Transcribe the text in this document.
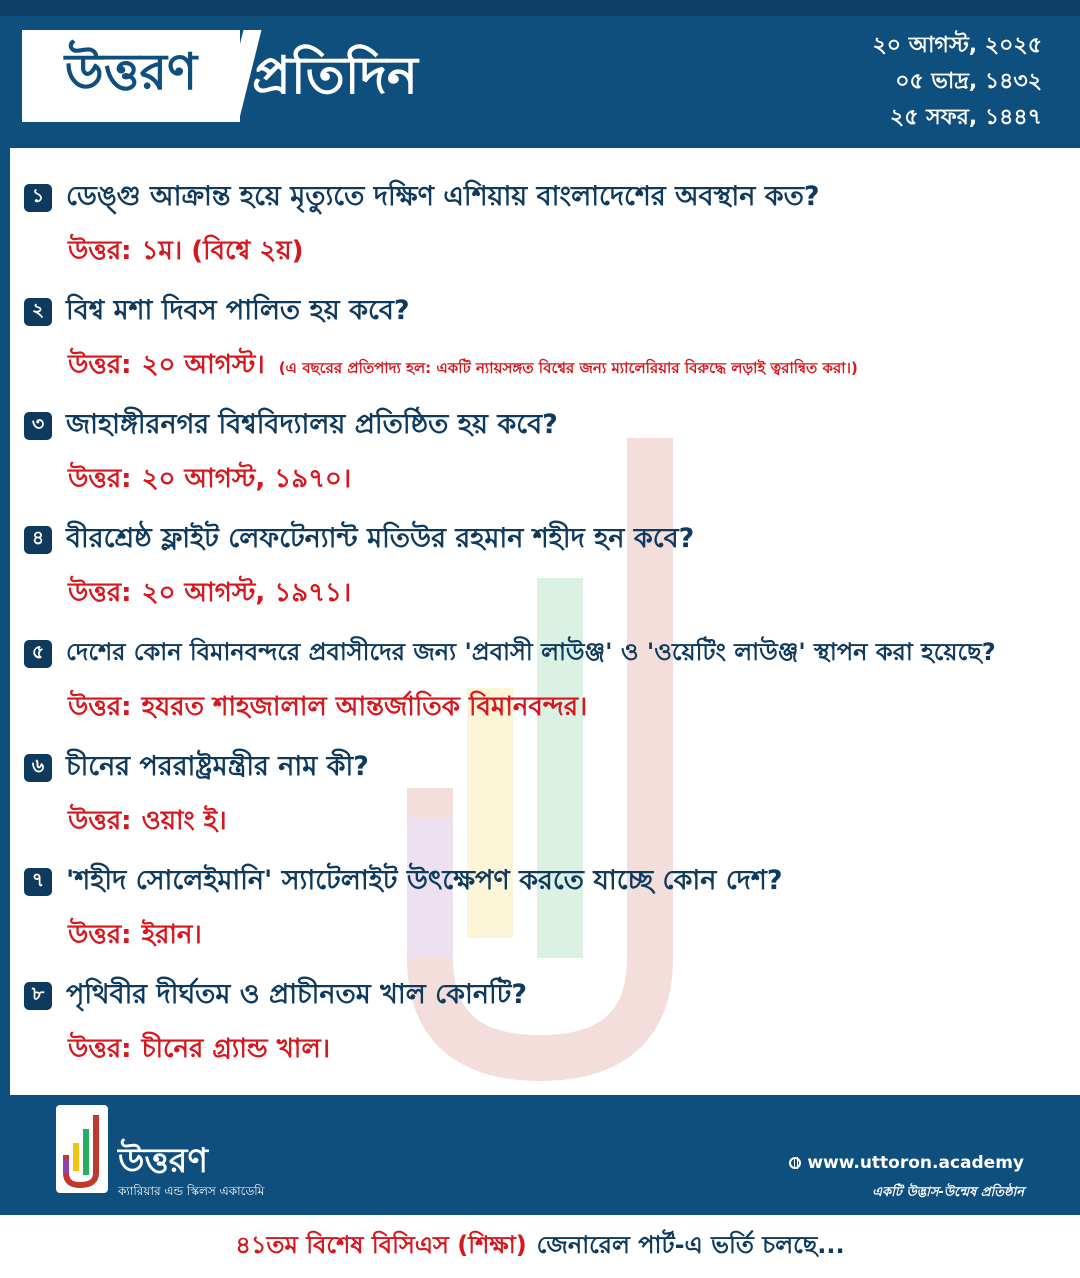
উত্তরণ প্রতিদিন
২০ আগস্ট, ২০২৫
০৫ ভাদ্র, ১৪৩২
২৫ সফর, ১৪৪৭
১ ডেঙ্গু আক্রান্ত হয়ে মৃত্যুতে দক্ষিণ এশিয়ায় বাংলাদেশের অবস্থান কত?
উত্তর: ১ম। (বিশ্বে ২য়)
২ বিশ্ব মশা দিবস পালিত হয় কবে?
উত্তর: ২০ আগস্ট। (এ বছরের প্রতিপাদ্য হল: একটি ন্যায়সঙ্গত বিশ্বের জন্য ম্যালেরিয়ার বিরুদ্ধে লড়াই ত্বরান্বিত করা।)
৩ জাহাঙ্গীরনগর বিশ্ববিদ্যালয় প্রতিষ্ঠিত হয় কবে?
উত্তর: ২০ আগস্ট, ১৯৭০।
৪ বীরশ্রেষ্ঠ ফ্লাইট লেফটেন্যান্ট মতিউর রহমান শহীদ হন কবে?
উত্তর: ২০ আগস্ট, ১৯৭১।
৫ দেশের কোন বিমানবন্দরে প্রবাসীদের জন্য 'প্রবাসী লাউঞ্জ' ও 'ওয়েটিং লাউঞ্জ' স্থাপন করা হয়েছে?
উত্তর: হযরত শাহজালাল আন্তর্জাতিক বিমানবন্দর।
৬ চীনের পররাষ্ট্রমন্ত্রীর নাম কী?
উত্তর: ওয়াং ই।
৭ 'শহীদ সোলেইমানি' স্যাটেলাইট উৎক্ষেপণ করতে যাচ্ছে কোন দেশ?
উত্তর: ইরান।
৮ পৃথিবীর দীর্ঘতম ও প্রাচীনতম খাল কোনটি?
উত্তর: চীনের গ্র্যান্ড খাল।
উত্তরণ
ক্যারিয়ার এন্ড স্কিলস একাডেমি
www.uttoron.academy
একটি উদ্ভাস-উন্মেষ প্রতিষ্ঠান
৪১তম বিশেষ বিসিএস (শিক্ষা) জেনারেল পার্ট-এ ভর্তি চলছে...
